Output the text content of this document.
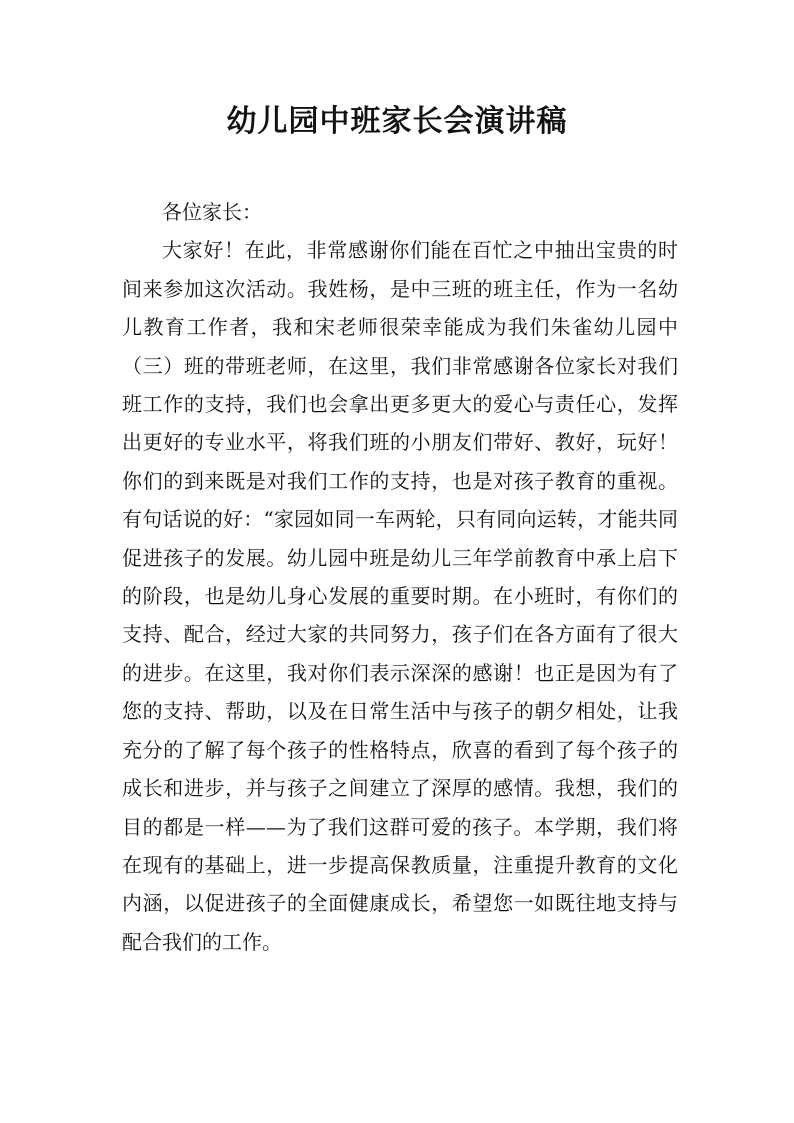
幼儿园中班家长会演讲稿

各位家长：

大家好！在此，非常感谢你们能在百忙之中抽出宝贵的时间来参加这次活动。我姓杨，是中三班的班主任，作为一名幼儿教育工作者，我和宋老师很荣幸能成为我们朱雀幼儿园中（三）班的带班老师，在这里，我们非常感谢各位家长对我们班工作的支持，我们也会拿出更多更大的爱心与责任心，发挥出更好的专业水平，将我们班的小朋友们带好、教好，玩好！你们的到来既是对我们工作的支持，也是对孩子教育的重视。有句话说的好：“家园如同一车两轮，只有同向运转，才能共同促进孩子的发展。幼儿园中班是幼儿三年学前教育中承上启下的阶段，也是幼儿身心发展的重要时期。在小班时，有你们的支持、配合，经过大家的共同努力，孩子们在各方面有了很大的进步。在这里，我对你们表示深深的感谢！也正是因为有了您的支持、帮助，以及在日常生活中与孩子的朝夕相处，让我充分的了解了每个孩子的性格特点，欣喜的看到了每个孩子的成长和进步，并与孩子之间建立了深厚的感情。我想，我们的目的都是一样——为了我们这群可爱的孩子。本学期，我们将在现有的基础上，进一步提高保教质量，注重提升教育的文化内涵，以促进孩子的全面健康成长，希望您一如既往地支持与配合我们的工作。
